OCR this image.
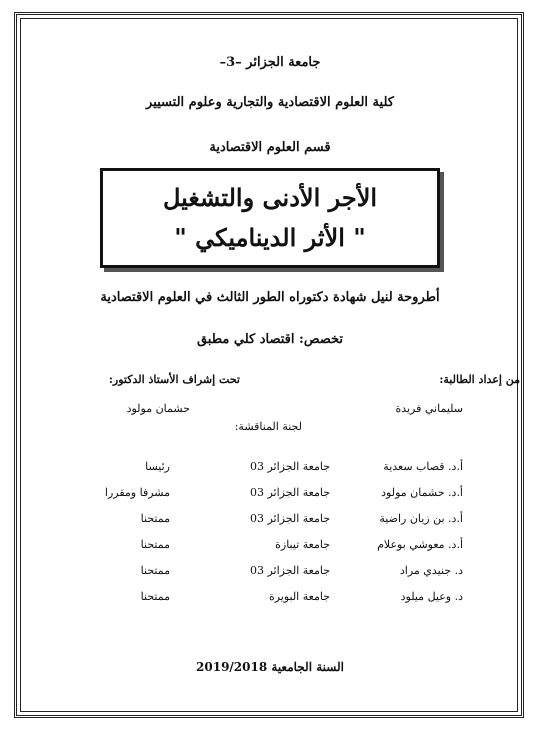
جامعة الجزائر –3–
كلية العلوم الاقتصادية والتجارية وعلوم التسيير
قسم العلوم الاقتصادية
الأجر الأدنى والتشغيل
" الأثر الديناميكي "
أطروحة لنيل شهادة دكتوراه الطور الثالث في العلوم الاقتصادية
تخصص: اقتصاد كلي مطبق
من إعداد الطالبة:
تحت إشراف الأستاذ الدكتور:
سليماني فريدة
حشمان مولود
لجنة المناقشة:
أ.د. قصاب سعدية
جامعة الجزائر 03
رئيسا
أ.د. حشمان مولود
جامعة الجزائر 03
مشرفا ومقررا
أ.د. بن زيان راضية
جامعة الجزائر 03
ممتحنا
أ.د. معوشي بوعلام
جامعة تيبازة
ممتحنا
د. جنيدي مراد
جامعة الجزائر 03
ممتحنا
د. وعيل ميلود
جامعة البويرة
ممتحنا
السنة الجامعية 2019/2018
